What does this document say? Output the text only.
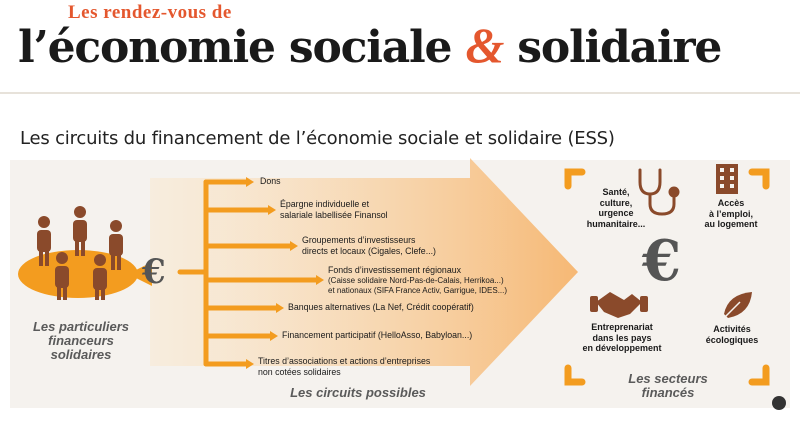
Les rendez-vous de
l’économie sociale & solidaire
Les circuits du financement de l’économie sociale et solidaire (ESS)
€
Les particuliers
financeurs
solidaires
Dons
Épargne individuelle et
salariale labellisée Finansol
Groupements d’investisseurs
directs et locaux (Cigales, Clefe...)
Fonds d’investissement régionaux
(Caisse solidaire Nord-Pas-de-Calais, Herrikoa...)
et nationaux (SIFA France Activ, Garrigue, IDES...)
Banques alternatives (La Nef, Crédit coopératif)
Financement participatif (HelloAsso, Babyloan...)
Titres d’associations et actions d’entreprises
non cotées solidaires
Les circuits possibles
Santé,
culture,
urgence
humanitaire...
Accès
à l’emploi,
au logement
€
Entreprenariat
dans les pays
en développement
Activités
écologiques
Les secteurs
financés
